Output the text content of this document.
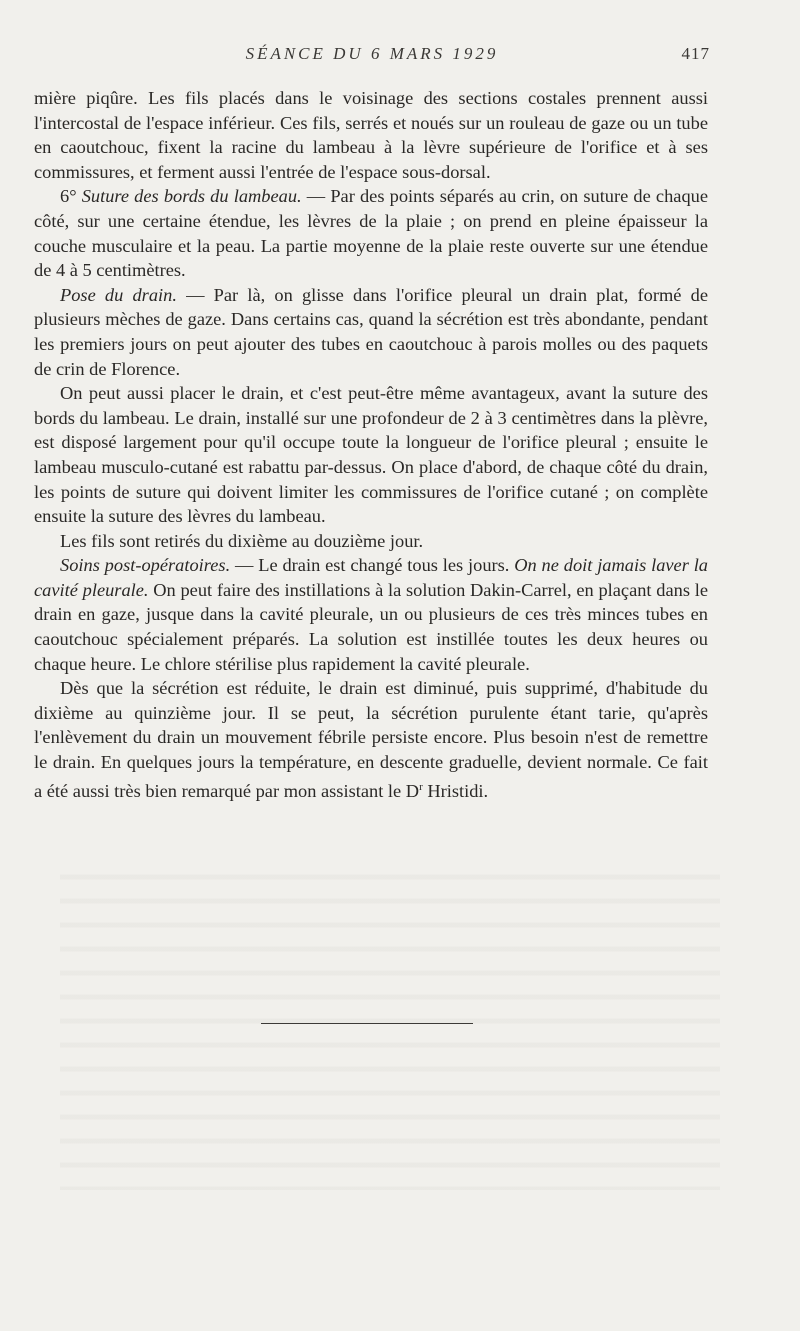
SÉANCE DU 6 MARS 1929	417

mière piqûre. Les fils placés dans le voisinage des sections costales prennent aussi l'intercostal de l'espace inférieur. Ces fils, serrés et noués sur un rouleau de gaze ou un tube en caoutchouc, fixent la racine du lambeau à la lèvre supérieure de l'orifice et à ses commissures, et ferment aussi l'entrée de l'espace sous-dorsal.

6° Suture des bords du lambeau. — Par des points séparés au crin, on suture de chaque côté, sur une certaine étendue, les lèvres de la plaie ; on prend en pleine épaisseur la couche musculaire et la peau. La partie moyenne de la plaie reste ouverte sur une étendue de 4 à 5 centimètres.

Pose du drain. — Par là, on glisse dans l'orifice pleural un drain plat, formé de plusieurs mèches de gaze. Dans certains cas, quand la sécrétion est très abondante, pendant les premiers jours on peut ajouter des tubes en caoutchouc à parois molles ou des paquets de crin de Florence.

On peut aussi placer le drain, et c'est peut-être même avantageux, avant la suture des bords du lambeau. Le drain, installé sur une profondeur de 2 à 3 centimètres dans la plèvre, est disposé largement pour qu'il occupe toute la longueur de l'orifice pleural ; ensuite le lambeau musculo-cutané est rabattu par-dessus. On place d'abord, de chaque côté du drain, les points de suture qui doivent limiter les commissures de l'orifice cutané ; on complète ensuite la suture des lèvres du lambeau.

Les fils sont retirés du dixième au douzième jour.

Soins post-opératoires. — Le drain est changé tous les jours. On ne doit jamais laver la cavité pleurale. On peut faire des instillations à la solution Dakin-Carrel, en plaçant dans le drain en gaze, jusque dans la cavité pleurale, un ou plusieurs de ces très minces tubes en caoutchouc spécialement préparés. La solution est instillée toutes les deux heures ou chaque heure. Le chlore stérilise plus rapidement la cavité pleurale.

Dès que la sécrétion est réduite, le drain est diminué, puis supprimé, d'habitude du dixième au quinzième jour. Il se peut, la sécrétion purulente étant tarie, qu'après l'enlèvement du drain un mouvement fébrile persiste encore. Plus besoin n'est de remettre le drain. En quelques jours la température, en descente graduelle, devient normale. Ce fait a été aussi très bien remarqué par mon assistant le $D^r$ Hristidi.
